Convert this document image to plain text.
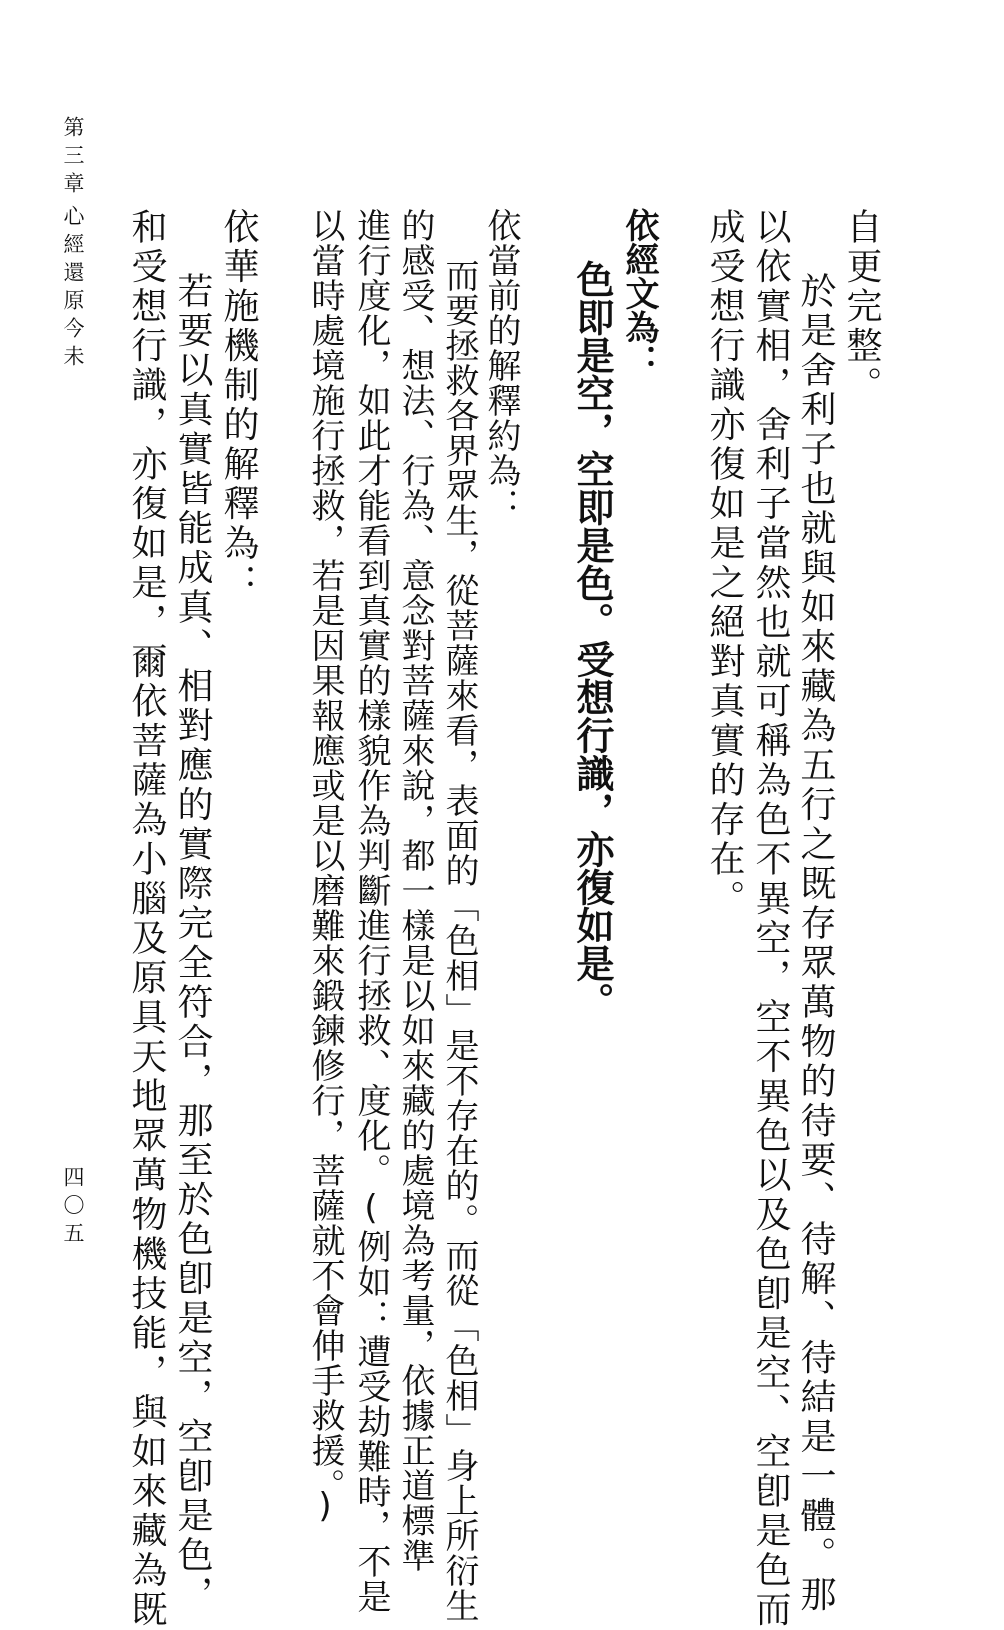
自更完整。
於是舍利子也就與如來藏為五行之既存眾萬物的待要、待解、待結是一體。那
以依實相，舍利子當然也就可稱為色不異空，空不異色以及色卽是空、空卽是色而
成受想行識亦復如是之絕對真實的存在。
依經文為：
色即是空，空即是色。受想行識，亦復如是。
依當前的解釋約為：
而要拯救各界眾生，從菩薩來看，表面的「色相」是不存在的。而從「色相」身上所衍生
的感受、想法、行為、意念對菩薩來說，都一樣是以如來藏的處境為考量，依據正道標準
進行度化，如此才能看到真實的樣貌作為判斷進行拯救、度化。(例如：遭受劫難時，不是
以當時處境施行拯救，若是因果報應或是以磨難來鍛鍊修行，菩薩就不會伸手救援。)
依華施機制的解釋為：
若要以真實皆能成真、相對應的實際完全符合，那至於色卽是空，空卽是色，
和受想行識，亦復如是，爾依菩薩為小腦及原具天地眾萬物機技能，與如來藏為既
第三章
心經還原今未
四〇五
